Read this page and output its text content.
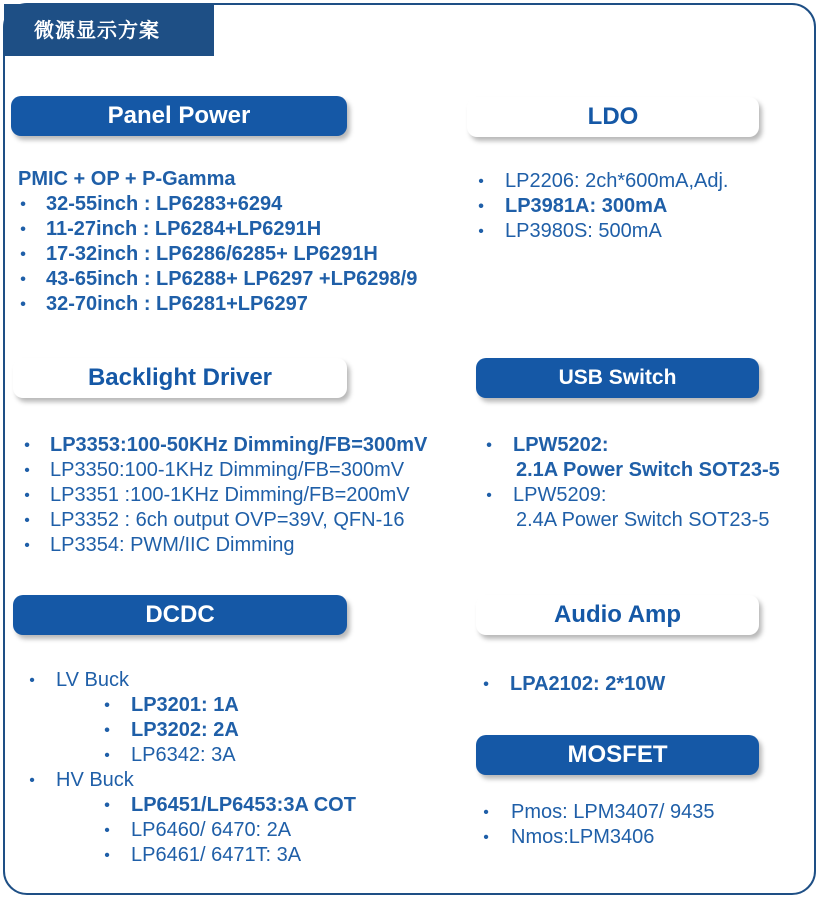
微源显示方案
Panel Power
PMIC + OP + P-Gamma
• 32-55inch : LP6283+6294
• 11-27inch : LP6284+LP6291H
• 17-32inch : LP6286/6285+ LP6291H
• 43-65inch : LP6288+ LP6297 +LP6298/9
• 32-70inch : LP6281+LP6297
LDO
• LP2206: 2ch*600mA,Adj.
• LP3981A: 300mA
• LP3980S: 500mA
Backlight Driver
• LP3353:100-50KHz Dimming/FB=300mV
• LP3350:100-1KHz Dimming/FB=300mV
• LP3351 :100-1KHz Dimming/FB=200mV
• LP3352 : 6ch output OVP=39V, QFN-16
• LP3354: PWM/IIC Dimming
USB Switch
• LPW5202:
2.1A Power Switch SOT23-5
• LPW5209:
2.4A Power Switch SOT23-5
DCDC
• LV Buck
• LP3201: 1A
• LP3202: 2A
• LP6342: 3A
• HV Buck
• LP6451/LP6453:3A COT
• LP6460/ 6470: 2A
• LP6461/ 6471T: 3A
Audio Amp
• LPA2102: 2*10W
MOSFET
• Pmos: LPM3407/ 9435
• Nmos:LPM3406
